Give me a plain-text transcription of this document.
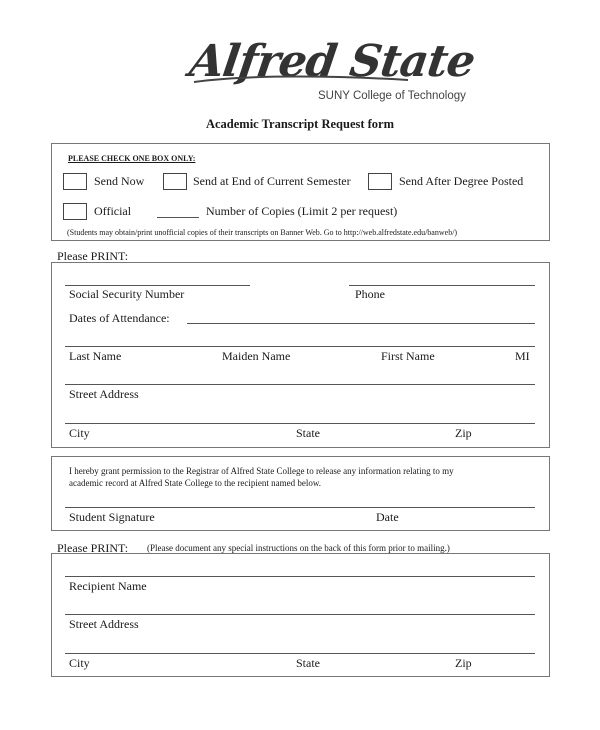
Alfred State
SUNY College of Technology
Academic Transcript Request form
PLEASE CHECK ONE BOX ONLY:
Send Now	Send at End of Current Semester	Send After Degree Posted
Official	Number of Copies (Limit 2 per request)
(Students may obtain/print unofficial copies of their transcripts on Banner Web. Go to http://web.alfredstate.edu/banweb/)
Please PRINT:
Social Security Number	Phone
Dates of Attendance:
Last Name	Maiden Name	First Name	MI
Street Address
City	State	Zip
I hereby grant permission to the Registrar of Alfred State College to release any information relating to my
academic record at Alfred State College to the recipient named below.
Student Signature	Date
Please PRINT: (Please document any special instructions on the back of this form prior to mailing.)
Recipient Name
Street Address
City	State	Zip
